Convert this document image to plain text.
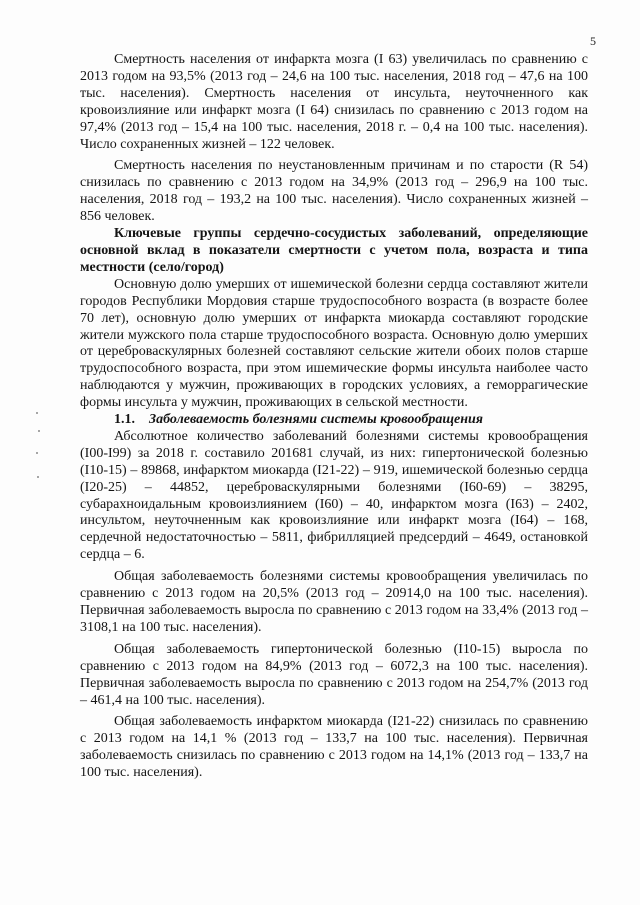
5

Смертность населения от инфаркта мозга (I 63) увеличилась по сравнению с 2013 годом на 93,5% (2013 год – 24,6 на 100 тыс. населения, 2018 год – 47,6 на 100 тыс. населения). Смертность населения от инсульта, неуточненного как кровоизлияние или инфаркт мозга (I 64) снизилась по сравнению с 2013 годом на 97,4% (2013 год – 15,4 на 100 тыс. населения, 2018 г. – 0,4 на 100 тыс. населения). Число сохраненных жизней – 122 человек.

Смертность населения по неустановленным причинам и по старости (R 54) снизилась по сравнению с 2013 годом на 34,9% (2013 год – 296,9 на 100 тыс. населения, 2018 год – 193,2 на 100 тыс. населения). Число сохраненных жизней – 856 человек.

Ключевые группы сердечно-сосудистых заболеваний, определяющие основной вклад в показатели смертности с учетом пола, возраста и типа местности (село/город)

Основную долю умерших от ишемической болезни сердца составляют жители городов Республики Мордовия старше трудоспособного возраста (в возрасте более 70 лет), основную долю умерших от инфаркта миокарда составляют городские жители мужского пола старше трудоспособного возраста. Основную долю умерших от цереброваскулярных болезней составляют сельские жители обоих полов старше трудоспособного возраста, при этом ишемические формы инсульта наиболее часто наблюдаются у мужчин, проживающих в городских условиях, а геморрагические формы инсульта у мужчин, проживающих в сельской местности.

1.1. Заболеваемость болезнями системы кровообращения

Абсолютное количество заболеваний болезнями системы кровообращения (I00-I99) за 2018 г. составило 201681 случай, из них: гипертонической болезнью (I10-15) – 89868, инфарктом миокарда (I21-22) – 919, ишемической болезнью сердца (I20-25) – 44852, цереброваскулярными болезнями (I60-69) – 38295, субарахноидальным кровоизлиянием (I60) – 40, инфарктом мозга (I63) – 2402, инсультом, неуточненным как кровоизлияние или инфаркт мозга (I64) – 168, сердечной недостаточностью – 5811, фибрилляцией предсердий – 4649, остановкой сердца – 6.

Общая заболеваемость болезнями системы кровообращения увеличилась по сравнению с 2013 годом на 20,5% (2013 год – 20914,0 на 100 тыс. населения). Первичная заболеваемость выросла по сравнению с 2013 годом на 33,4% (2013 год – 3108,1 на 100 тыс. населения).

Общая заболеваемость гипертонической болезнью (I10-15) выросла по сравнению с 2013 годом на 84,9% (2013 год – 6072,3 на 100 тыс. населения). Первичная заболеваемость выросла по сравнению с 2013 годом на 254,7% (2013 год – 461,4 на 100 тыс. населения).

Общая заболеваемость инфарктом миокарда (I21-22) снизилась по сравнению с 2013 годом на 14,1 % (2013 год – 133,7 на 100 тыс. населения). Первичная заболеваемость снизилась по сравнению с 2013 годом на 14,1% (2013 год – 133,7 на 100 тыс. населения).
